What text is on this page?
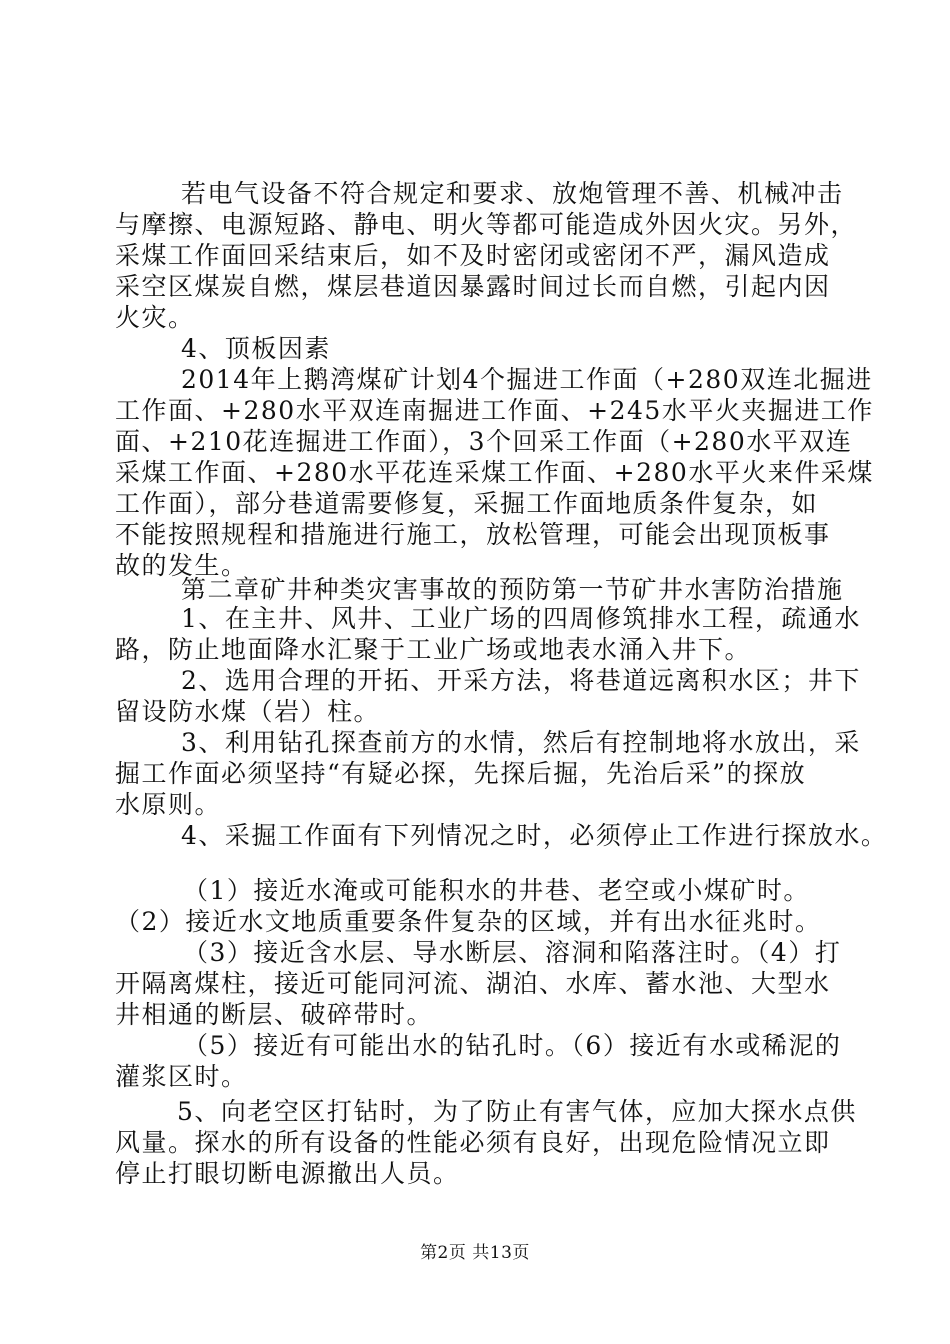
若电气设备不符合规定和要求、放炮管理不善、机械冲击
与摩擦、电源短路、静电、明火等都可能造成外因火灾。另外，
采煤工作面回采结束后，如不及时密闭或密闭不严，漏风造成
采空区煤炭自燃，煤层巷道因暴露时间过长而自燃，引起内因
火灾。
4、顶板因素
2014年上鹅湾煤矿计划4个掘进工作面（+280双连北掘进
工作面、+280水平双连南掘进工作面、+245水平火夹掘进工作
面、+210花连掘进工作面），3个回采工作面（+280水平双连
采煤工作面、+280水平花连采煤工作面、+280水平火来件采煤
工作面），部分巷道需要修复，采掘工作面地质条件复杂，如
不能按照规程和措施进行施工，放松管理，可能会出现顶板事
故的发生。
第二章矿井种类灾害事故的预防第一节矿井水害防治措施
1、在主井、风井、工业广场的四周修筑排水工程，疏通水
路，防止地面降水汇聚于工业广场或地表水涌入井下。
2、选用合理的开拓、开采方法，将巷道远离积水区；井下
留设防水煤（岩）柱。
3、利用钻孔探查前方的水情，然后有控制地将水放出，采
掘工作面必须坚持“有疑必探，先探后掘，先治后采”的探放
水原则。
4、采掘工作面有下列情况之时，必须停止工作进行探放水。
（1）接近水淹或可能积水的井巷、老空或小煤矿时。
（2）接近水文地质重要条件复杂的区域，并有出水征兆时。
（3）接近含水层、导水断层、溶洞和陷落注时。（4）打
开隔离煤柱，接近可能同河流、湖泊、水库、蓄水池、大型水
井相通的断层、破碎带时。
（5）接近有可能出水的钻孔时。（6）接近有水或稀泥的
灌浆区时。
5、向老空区打钻时，为了防止有害气体，应加大探水点供
风量。探水的所有设备的性能必须有良好，出现危险情况立即
停止打眼切断电源撤出人员。
第2页 共13页
